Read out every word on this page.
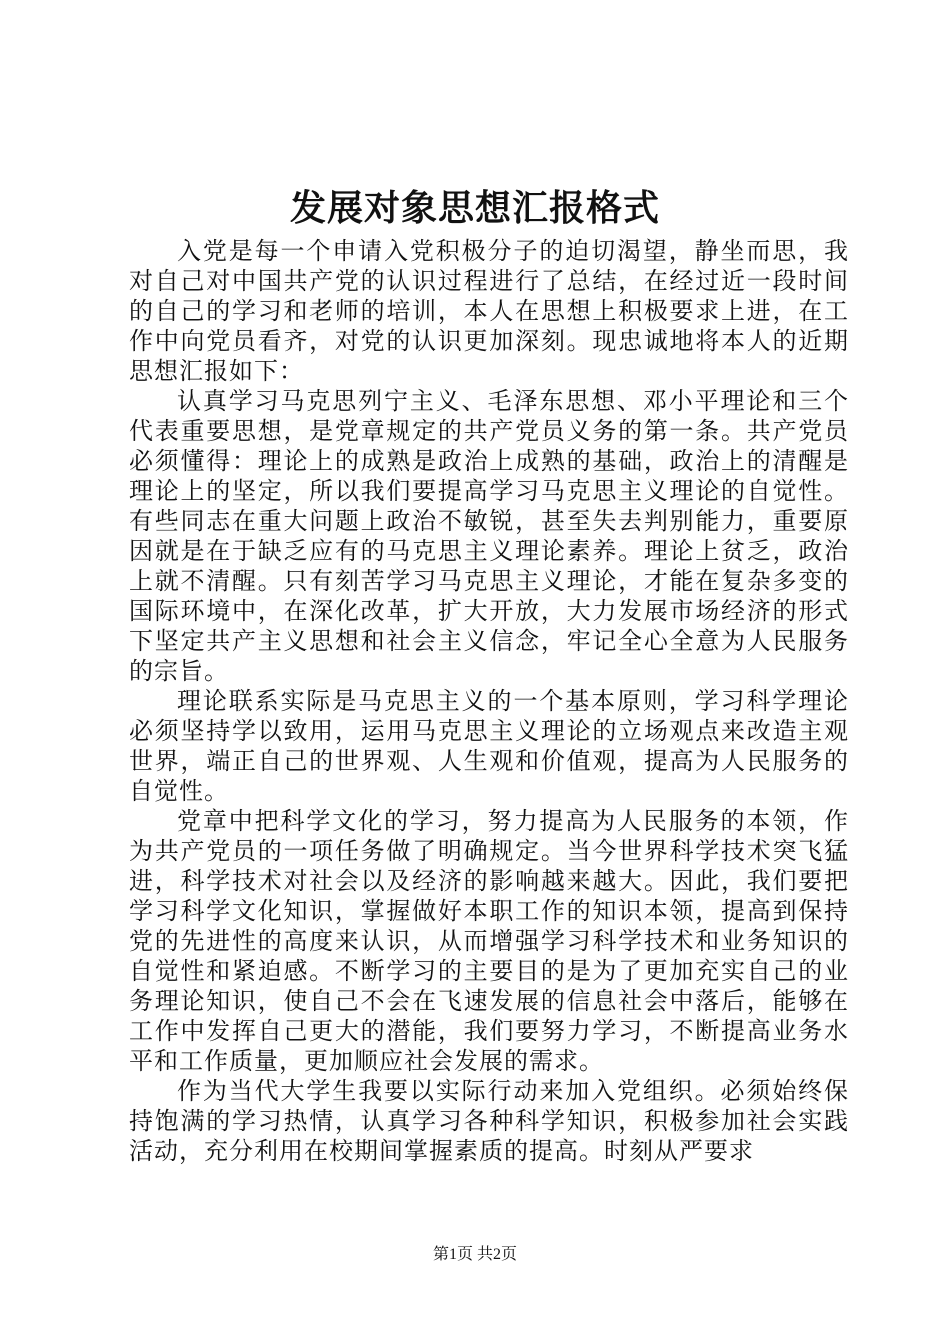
发展对象思想汇报格式

入党是每一个申请入党积极分子的迫切渴望，静坐而思，我对自己对中国共产党的认识过程进行了总结，在经过近一段时间的自己的学习和老师的培训，本人在思想上积极要求上进，在工作中向党员看齐，对党的认识更加深刻。现忠诚地将本人的近期思想汇报如下：

认真学习马克思列宁主义、毛泽东思想、邓小平理论和三个代表重要思想，是党章规定的共产党员义务的第一条。共产党员必须懂得：理论上的成熟是政治上成熟的基础，政治上的清醒是理论上的坚定，所以我们要提高学习马克思主义理论的自觉性。有些同志在重大问题上政治不敏锐，甚至失去判别能力，重要原因就是在于缺乏应有的马克思主义理论素养。理论上贫乏，政治上就不清醒。只有刻苦学习马克思主义理论，才能在复杂多变的国际环境中，在深化改革，扩大开放，大力发展市场经济的形式下坚定共产主义思想和社会主义信念，牢记全心全意为人民服务的宗旨。

理论联系实际是马克思主义的一个基本原则，学习科学理论必须坚持学以致用，运用马克思主义理论的立场观点来改造主观世界，端正自己的世界观、人生观和价值观，提高为人民服务的自觉性。

党章中把科学文化的学习，努力提高为人民服务的本领，作为共产党员的一项任务做了明确规定。当今世界科学技术突飞猛进，科学技术对社会以及经济的影响越来越大。因此，我们要把学习科学文化知识，掌握做好本职工作的知识本领，提高到保持党的先进性的高度来认识，从而增强学习科学技术和业务知识的自觉性和紧迫感。不断学习的主要目的是为了更加充实自己的业务理论知识，使自己不会在飞速发展的信息社会中落后，能够在工作中发挥自己更大的潜能，我们要努力学习，不断提高业务水平和工作质量，更加顺应社会发展的需求。

作为当代大学生我要以实际行动来加入党组织。必须始终保持饱满的学习热情，认真学习各种科学知识，积极参加社会实践活动，充分利用在校期间掌握素质的提高。时刻从严要求

第1页 共2页
